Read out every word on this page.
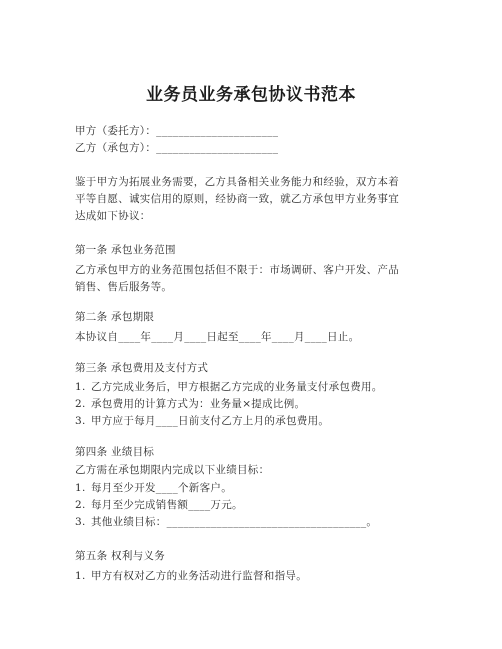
业务员业务承包协议书范本
甲方（委托方）：______________________
乙方（承包方）：______________________
鉴于甲方为拓展业务需要，乙方具备相关业务能力和经验，双方本着
平等自愿、诚实信用的原则，经协商一致，就乙方承包甲方业务事宜
达成如下协议：
第一条 承包业务范围
乙方承包甲方的业务范围包括但不限于：市场调研、客户开发、产品
销售、售后服务等。
第二条 承包期限
本协议自____年____月____日起至____年____月____日止。
第三条 承包费用及支付方式
1. 乙方完成业务后，甲方根据乙方完成的业务量支付承包费用。
2. 承包费用的计算方式为：业务量×提成比例。
3. 甲方应于每月____日前支付乙方上月的承包费用。
第四条 业绩目标
乙方需在承包期限内完成以下业绩目标：
1. 每月至少开发____个新客户。
2. 每月至少完成销售额____万元。
3. 其他业绩目标：____________________________________。
第五条 权利与义务
1. 甲方有权对乙方的业务活动进行监督和指导。
